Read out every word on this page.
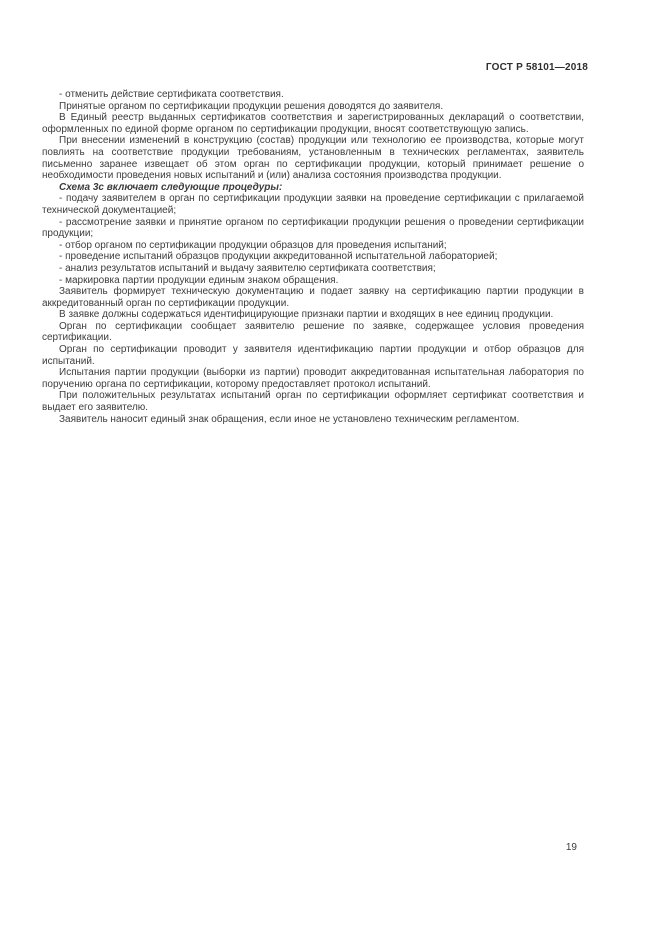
ГОСТ Р 58101—2018

- отменить действие сертификата соответствия.

Принятые органом по сертификации продукции решения доводятся до заявителя.

В Единый реестр выданных сертификатов соответствия и зарегистрированных деклараций о соответствии, оформленных по единой форме органом по сертификации продукции, вносят соответствующую запись.

При внесении изменений в конструкцию (состав) продукции или технологию ее производства, которые могут повлиять на соответствие продукции требованиям, установленным в технических регламентах, заявитель письменно заранее извещает об этом орган по сертификации продукции, который принимает решение о необходимости проведения новых испытаний и (или) анализа состояния производства продукции.

Схема 3с включает следующие процедуры:

- подачу заявителем в орган по сертификации продукции заявки на проведение сертификации с прилагаемой технической документацией;

- рассмотрение заявки и принятие органом по сертификации продукции решения о проведении сертификации продукции;

- отбор органом по сертификации продукции образцов для проведения испытаний;

- проведение испытаний образцов продукции аккредитованной испытательной лабораторией;

- анализ результатов испытаний и выдачу заявителю сертификата соответствия;

- маркировка партии продукции единым знаком обращения.

Заявитель формирует техническую документацию и подает заявку на сертификацию партии продукции в аккредитованный орган по сертификации продукции.

В заявке должны содержаться идентифицирующие признаки партии и входящих в нее единиц продукции.

Орган по сертификации сообщает заявителю решение по заявке, содержащее условия проведения сертификации.

Орган по сертификации проводит у заявителя идентификацию партии продукции и отбор образцов для испытаний.

Испытания партии продукции (выборки из партии) проводит аккредитованная испытательная лаборатория по поручению органа по сертификации, которому предоставляет протокол испытаний.

При положительных результатах испытаний орган по сертификации оформляет сертификат соответствия и выдает его заявителю.

Заявитель наносит единый знак обращения, если иное не установлено техническим регламентом.

19
